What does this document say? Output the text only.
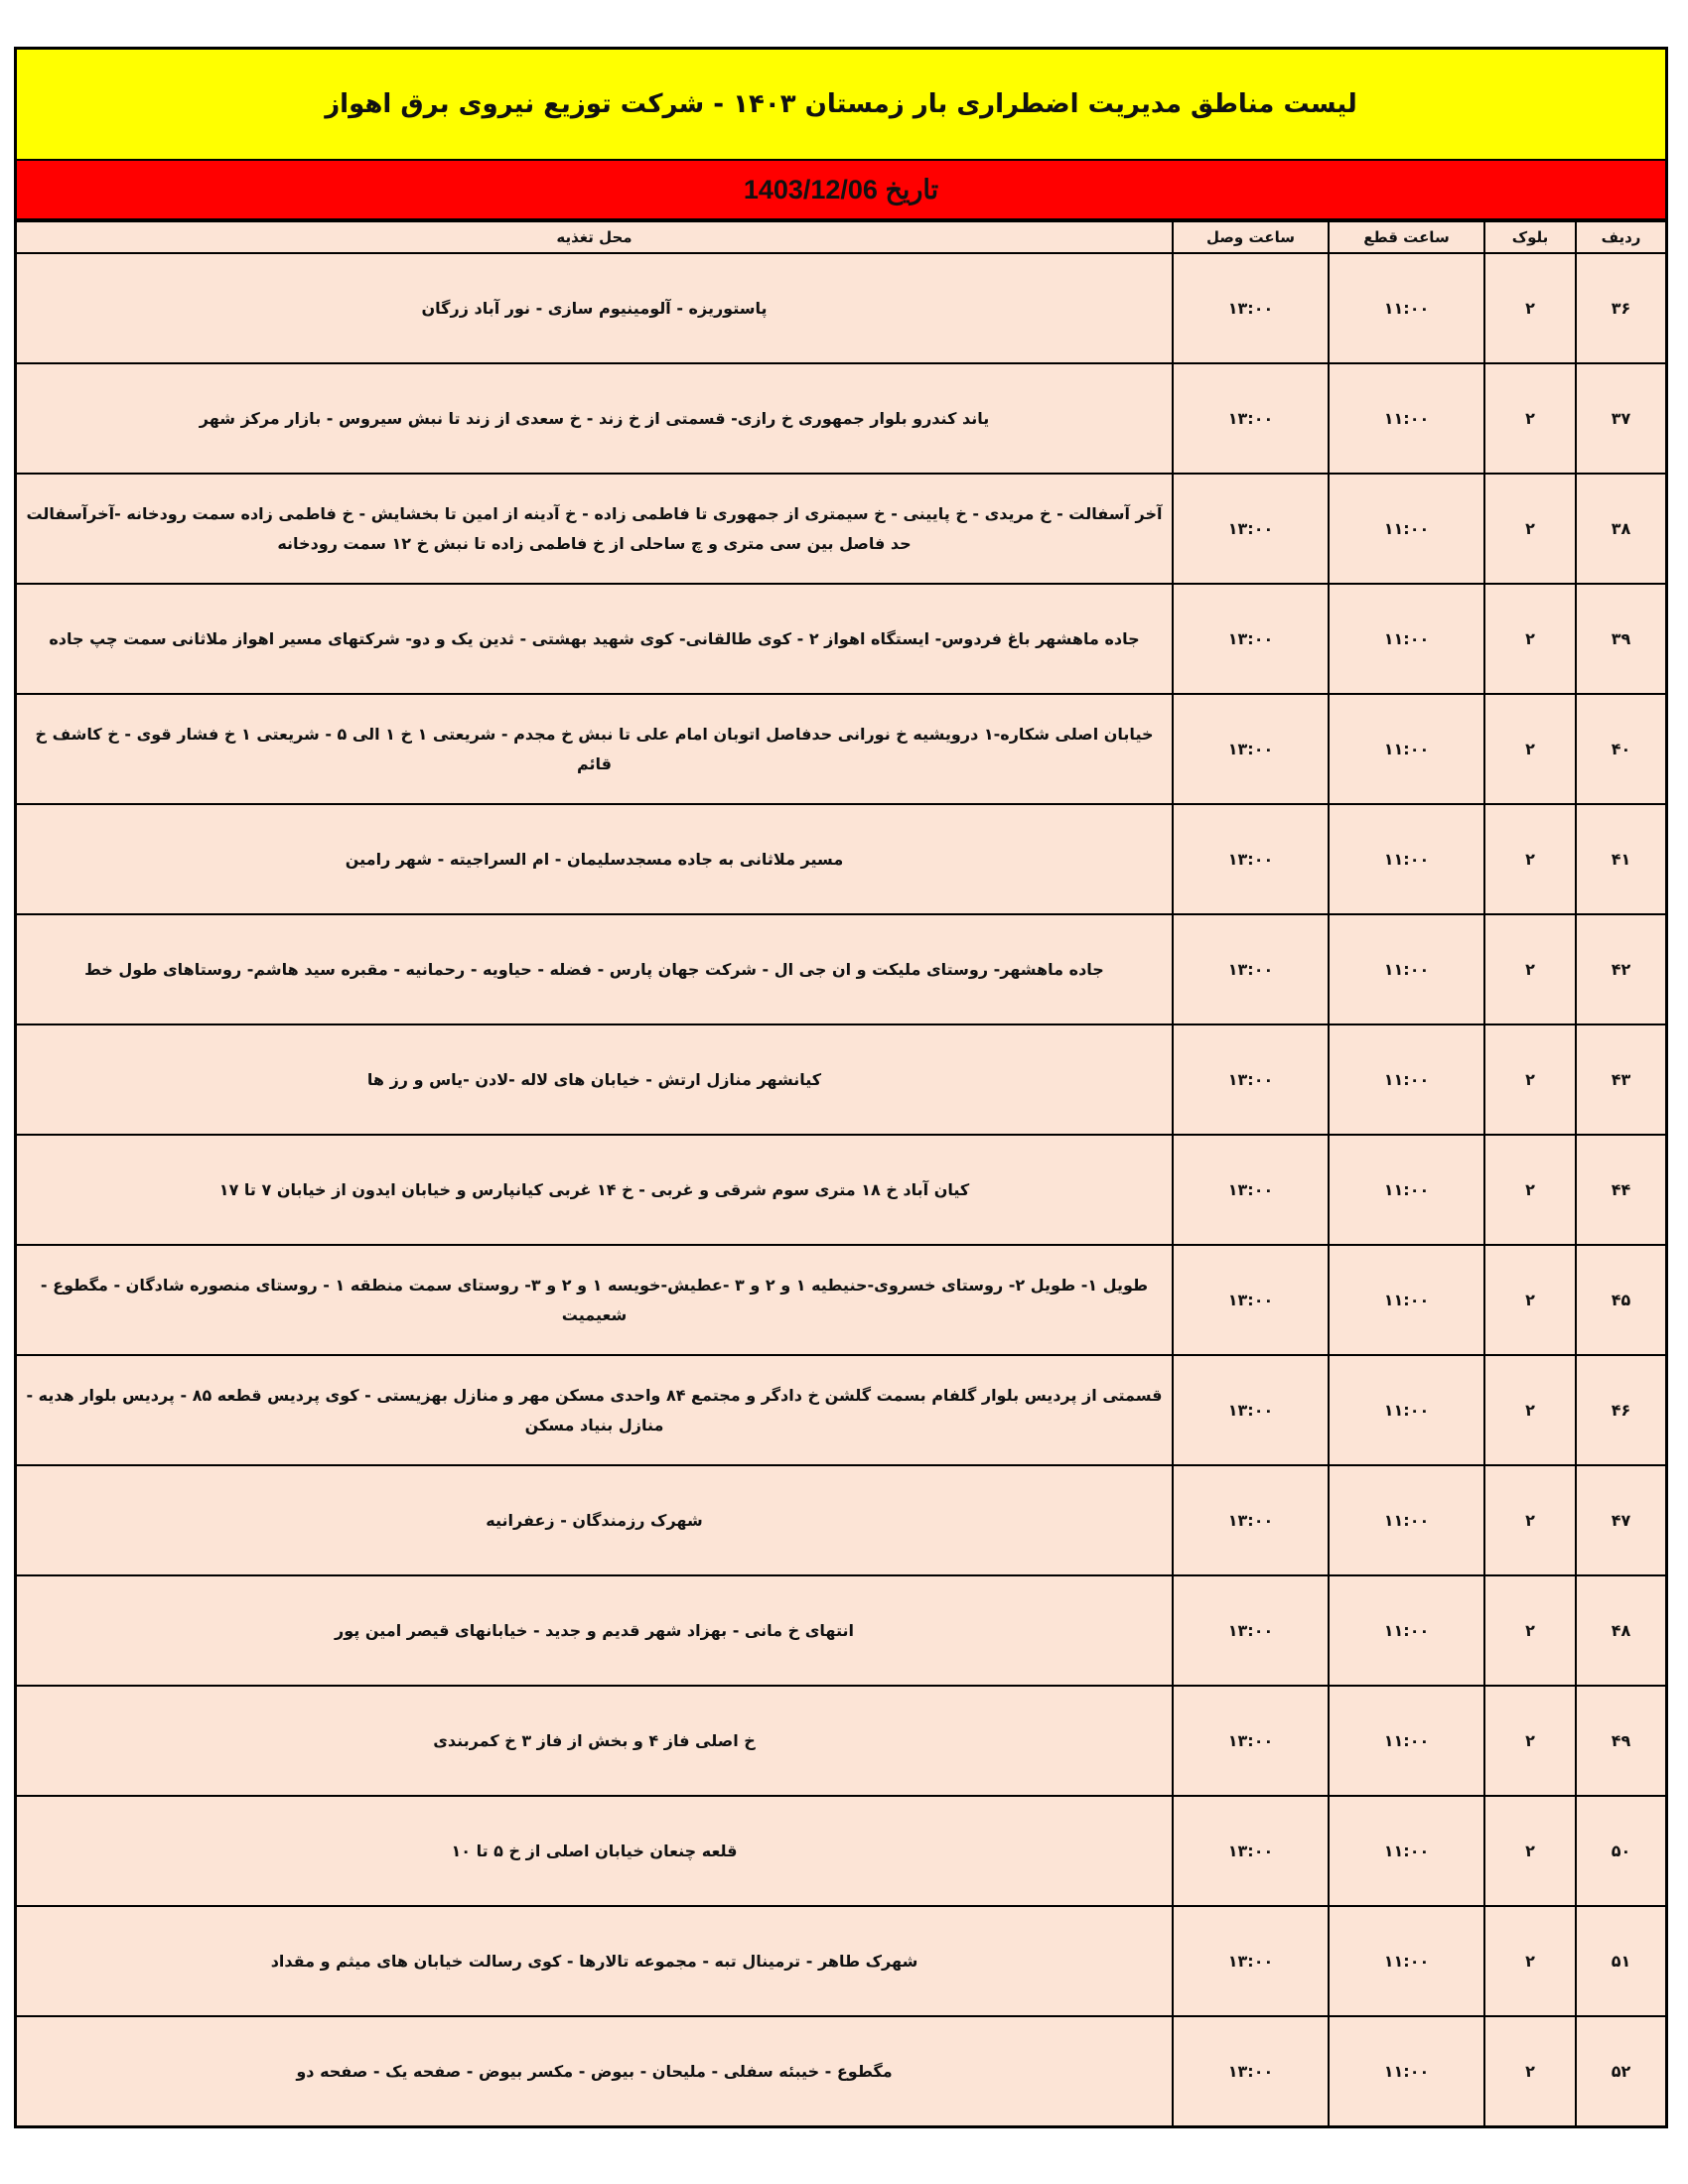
لیست مناطق مدیریت اضطراری بار زمستان ۱۴۰۳ - شرکت توزیع نیروی برق اهواز
تاریخ 1403/12/06
ردیف	بلوک	ساعت قطع	ساعت وصل	محل تغذیه
۳۶	۲	۱۱:۰۰	۱۳:۰۰	پاستوریزه - آلومینیوم سازی - نور آباد زرگان
۳۷	۲	۱۱:۰۰	۱۳:۰۰	یاند کندرو بلوار جمهوری خ رازی- قسمتی از خ زند - خ سعدی از زند تا نبش سیروس - بازار مرکز شهر
۳۸	۲	۱۱:۰۰	۱۳:۰۰	آخر آسفالت - خ مریدی - خ پایینی - خ سیمتری از جمهوری تا فاطمی زاده - خ آدینه از امین تا بخشایش - خ فاطمی زاده سمت رودخانه -آخرآسفالت حد فاصل بین سی متری و چ ساحلی از خ فاطمی زاده تا نبش خ ۱۲ سمت رودخانه
۳۹	۲	۱۱:۰۰	۱۳:۰۰	جاده ماهشهر باغ فردوس- ایستگاه اهواز ۲ - کوی طالقانی- کوی شهید بهشتی - ثدین یک و دو- شرکتهای مسیر اهواز ملاثانی سمت چپ جاده
۴۰	۲	۱۱:۰۰	۱۳:۰۰	خیابان اصلی شکاره-۱ درویشیه خ نورانی حدفاصل اتوبان امام علی تا نبش خ مجدم - شریعتی ۱ خ ۱ الی ۵ - شریعتی ۱ خ فشار قوی - خ کاشف خ قائم
۴۱	۲	۱۱:۰۰	۱۳:۰۰	مسیر ملاثانی به جاده مسجدسلیمان - ام السراجیته - شهر رامین
۴۲	۲	۱۱:۰۰	۱۳:۰۰	جاده ماهشهر- روستای ملیکت و ان جی ال - شرکت جهان پارس - فضله - حیاویه - رحمانیه - مقبره سید هاشم- روستاهای طول خط
۴۳	۲	۱۱:۰۰	۱۳:۰۰	کیانشهر منازل ارتش - خیابان های لاله -لادن -یاس و رز ها
۴۴	۲	۱۱:۰۰	۱۳:۰۰	کیان آباد خ ۱۸ متری سوم شرقی و غربی - خ ۱۴ غربی کیانپارس و خیابان ایدون از خیابان ۷ تا ۱۷
۴۵	۲	۱۱:۰۰	۱۳:۰۰	طویل ۱- طویل ۲- روستای خسروی-حنیطیه ۱ و ۲ و ۳ -عطیش-خویسه ۱ و ۲ و ۳- روستای سمت منطقه ۱ - روستای منصوره شادگان - مگطوع - شعیمیت
۴۶	۲	۱۱:۰۰	۱۳:۰۰	قسمتی از پردیس بلوار گلفام بسمت گلشن خ دادگر و مجتمع ۸۴ واحدی مسکن مهر و منازل بهزیستی - کوی پردیس قطعه ۸۵ - پردیس بلوار هدیه - منازل بنیاد مسکن
۴۷	۲	۱۱:۰۰	۱۳:۰۰	شهرک رزمندگان - زعفرانیه
۴۸	۲	۱۱:۰۰	۱۳:۰۰	انتهای خ مانی - بهزاد شهر قدیم و جدید - خیابانهای قیصر امین پور
۴۹	۲	۱۱:۰۰	۱۳:۰۰	خ اصلی فاز ۴ و بخش از فاز ۳ خ کمربندی
۵۰	۲	۱۱:۰۰	۱۳:۰۰	قلعه چنعان خیابان اصلی از خ ۵ تا ۱۰
۵۱	۲	۱۱:۰۰	۱۳:۰۰	شهرک طاهر - ترمینال تبه - مجموعه تالارها - کوی رسالت خیابان های میثم و مقداد
۵۲	۲	۱۱:۰۰	۱۳:۰۰	مگطوع - خیبئه سفلی - ملیحان - بیوض - مکسر بیوض - صفحه یک - صفحه دو
